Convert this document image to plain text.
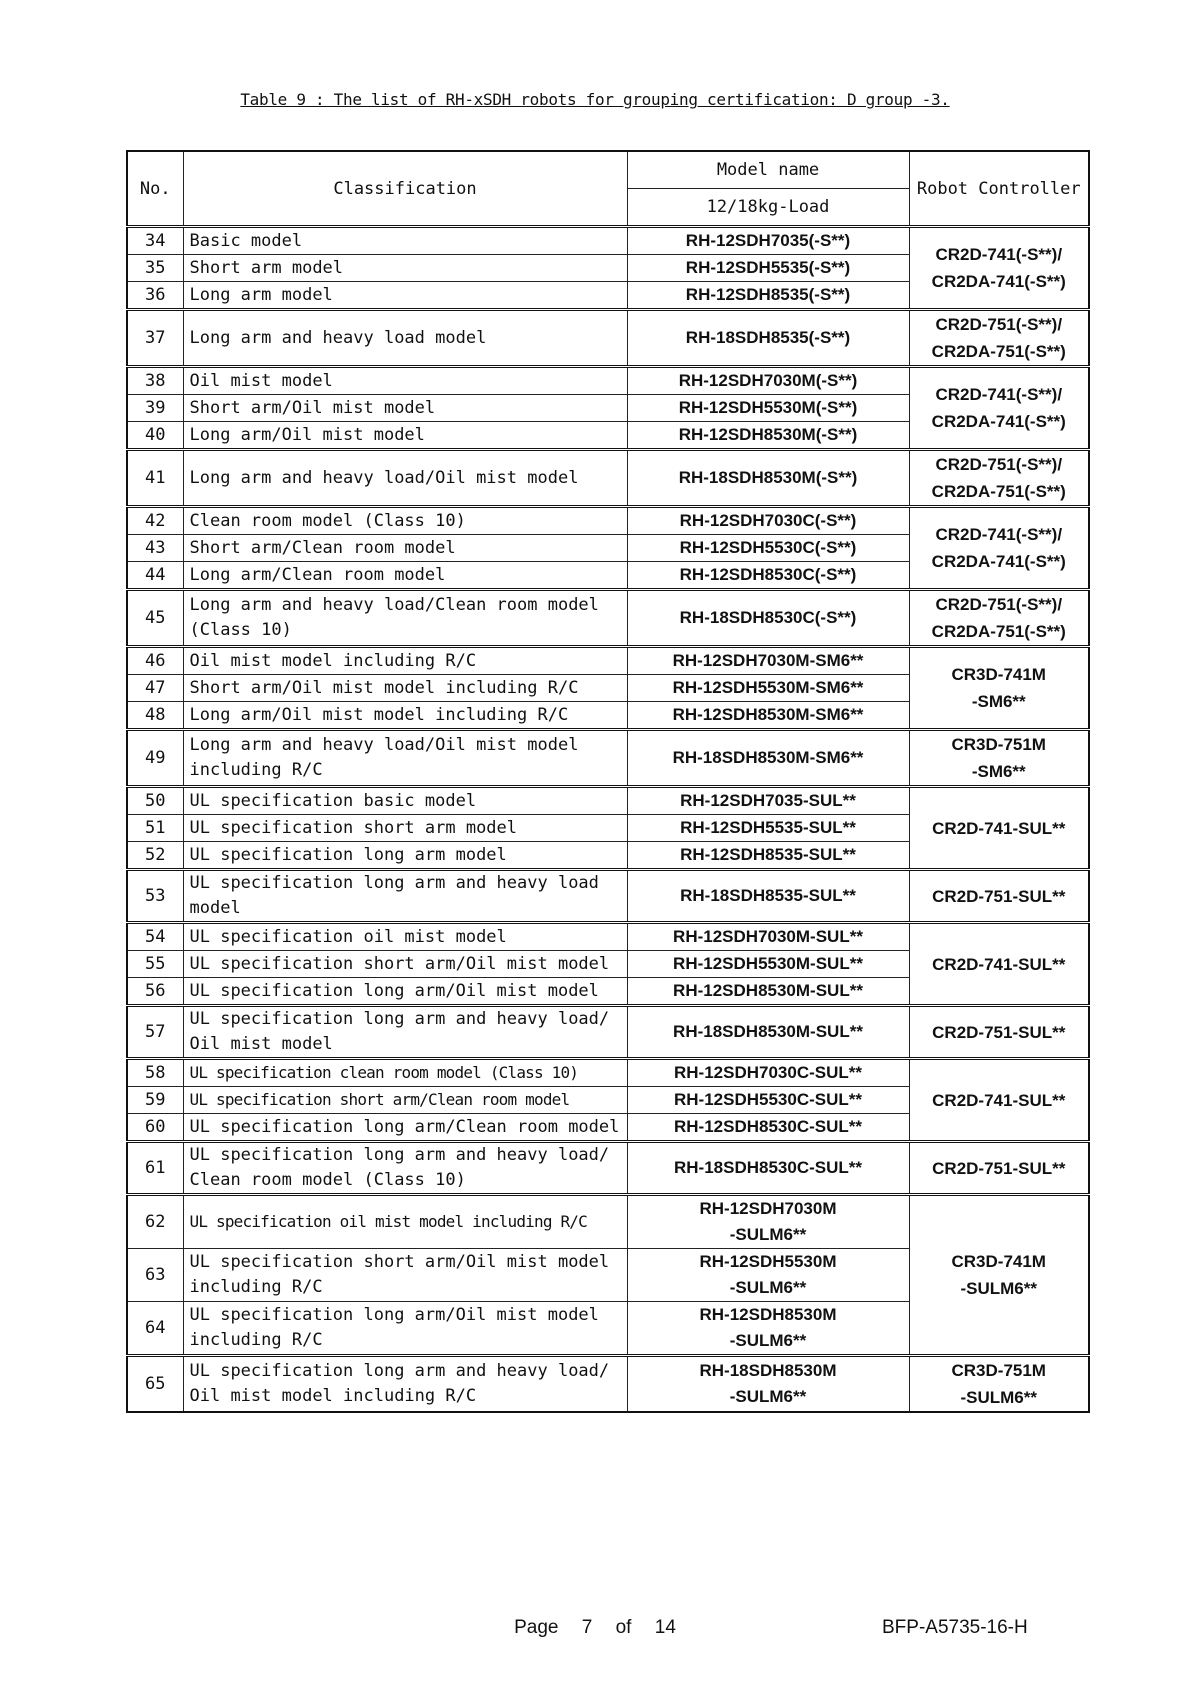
Table 9 : The list of RH-xSDH robots for grouping certification: D group -3.
No.	Classification	Model name	Robot Controller
		12/18kg-Load	
34	Basic model	RH-12SDH7035(-S**)	CR2D-741(-S**)/
CR2DA-741(-S**)
35	Short arm model	RH-12SDH5535(-S**)	
36	Long arm model	RH-12SDH8535(-S**)	
37	Long arm and heavy load model	RH-18SDH8535(-S**)	CR2D-751(-S**)/
CR2DA-751(-S**)
38	Oil mist model	RH-12SDH7030M(-S**)	CR2D-741(-S**)/
CR2DA-741(-S**)
39	Short arm/Oil mist model	RH-12SDH5530M(-S**)	
40	Long arm/Oil mist model	RH-12SDH8530M(-S**)	
41	Long arm and heavy load/Oil mist model	RH-18SDH8530M(-S**)	CR2D-751(-S**)/
CR2DA-751(-S**)
42	Clean room model (Class 10)	RH-12SDH7030C(-S**)	CR2D-741(-S**)/
CR2DA-741(-S**)
43	Short arm/Clean room model	RH-12SDH5530C(-S**)	
44	Long arm/Clean room model	RH-12SDH8530C(-S**)	
45	Long arm and heavy load/Clean room model
(Class 10)	RH-18SDH8530C(-S**)	CR2D-751(-S**)/
CR2DA-751(-S**)
46	Oil mist model including R/C	RH-12SDH7030M-SM6**	CR3D-741M
-SM6**
47	Short arm/Oil mist model including R/C	RH-12SDH5530M-SM6**	
48	Long arm/Oil mist model including R/C	RH-12SDH8530M-SM6**	
49	Long arm and heavy load/Oil mist model
including R/C	RH-18SDH8530M-SM6**	CR3D-751M
-SM6**
50	UL specification basic model	RH-12SDH7035-SUL**	CR2D-741-SUL**
51	UL specification short arm model	RH-12SDH5535-SUL**	
52	UL specification long arm model	RH-12SDH8535-SUL**	
53	UL specification long arm and heavy load
model	RH-18SDH8535-SUL**	CR2D-751-SUL**
54	UL specification oil mist model	RH-12SDH7030M-SUL**	CR2D-741-SUL**
55	UL specification short arm/Oil mist model	RH-12SDH5530M-SUL**	
56	UL specification long arm/Oil mist model	RH-12SDH8530M-SUL**	
57	UL specification long arm and heavy load/
Oil mist model	RH-18SDH8530M-SUL**	CR2D-751-SUL**
58	UL specification clean room model (Class 10)	RH-12SDH7030C-SUL**	CR2D-741-SUL**
59	UL specification short arm/Clean room model	RH-12SDH5530C-SUL**	
60	UL specification long arm/Clean room model	RH-12SDH8530C-SUL**	
61	UL specification long arm and heavy load/
Clean room model (Class 10)	RH-18SDH8530C-SUL**	CR2D-751-SUL**
62	UL specification oil mist model including R/C	RH-12SDH7030M
-SULM6**	CR3D-741M
-SULM6**
63	UL specification short arm/Oil mist model
including R/C	RH-12SDH5530M
-SULM6**	
64	UL specification long arm/Oil mist model
including R/C	RH-12SDH8530M
-SULM6**	
65	UL specification long arm and heavy load/
Oil mist model including R/C	RH-18SDH8530M
-SULM6**	CR3D-751M
-SULM6**
Page 7 of 14	BFP-A5735-16-H
